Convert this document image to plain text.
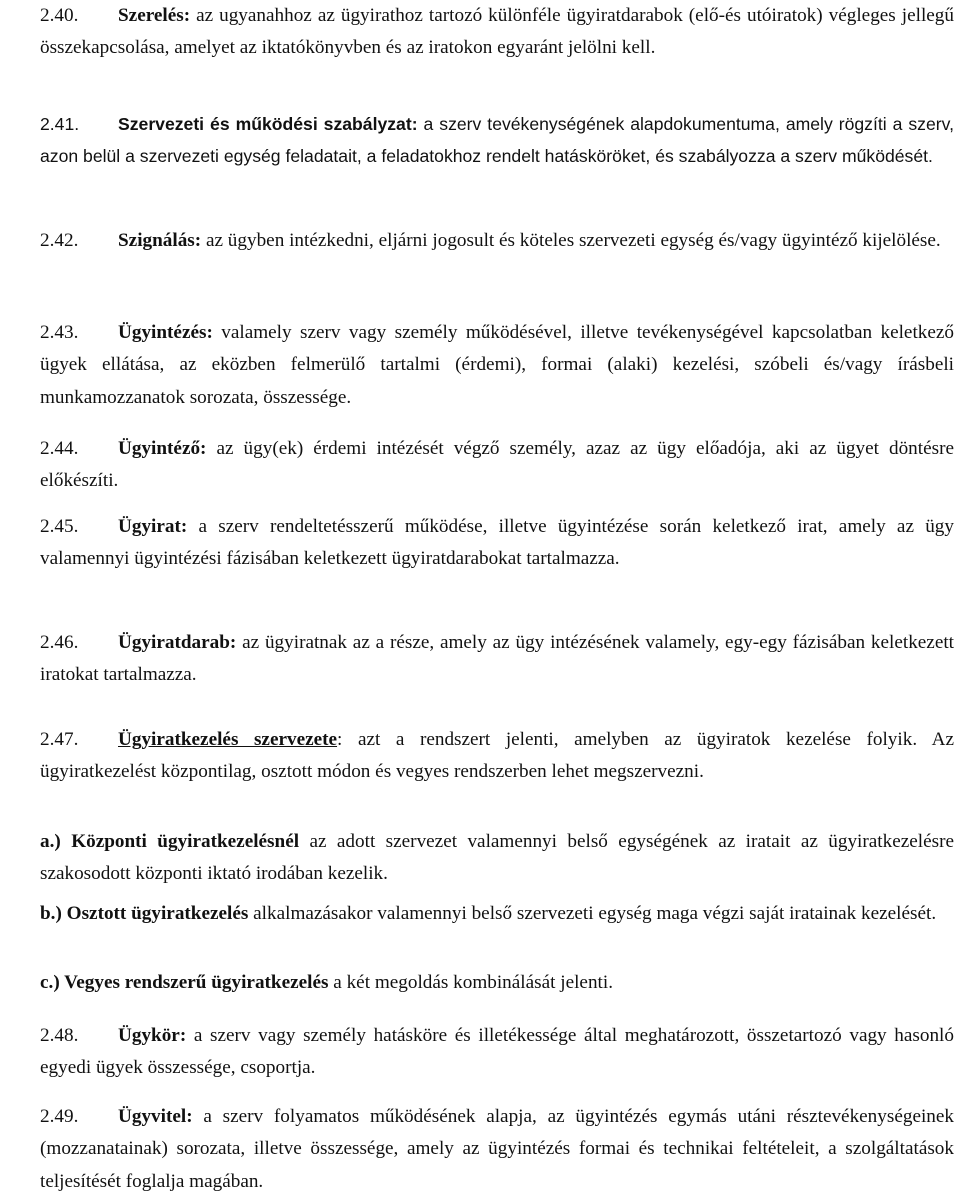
2.40. Szerelés: az ugyanahhoz az ügyirathoz tartozó különféle ügyiratdarabok (elő-és utóiratok) végleges jellegű összekapcsolása, amelyet az iktatókönyvben és az iratokon egyaránt jelölni kell.

2.41. Szervezeti és működési szabályzat: a szerv tevékenységének alapdokumentuma, amely rögzíti a szerv, azon belül a szervezeti egység feladatait, a feladatokhoz rendelt hatásköröket, és szabályozza a szerv működését.

2.42. Szignálás: az ügyben intézkedni, eljárni jogosult és köteles szervezeti egység és/vagy ügyintéző kijelölése.

2.43. Ügyintézés: valamely szerv vagy személy működésével, illetve tevékenységével kapcsolatban keletkező ügyek ellátása, az eközben felmerülő tartalmi (érdemi), formai (alaki) kezelési, szóbeli és/vagy írásbeli munkamozzanatok sorozata, összessége.

2.44. Ügyintéző: az ügy(ek) érdemi intézését végző személy, azaz az ügy előadója, aki az ügyet döntésre előkészíti.

2.45. Ügyirat: a szerv rendeltetésszerű működése, illetve ügyintézése során keletkező irat, amely az ügy valamennyi ügyintézési fázisában keletkezett ügyiratdarabokat tartalmazza.

2.46. Ügyiratdarab: az ügyiratnak az a része, amely az ügy intézésének valamely, egy-egy fázisában keletkezett iratokat tartalmazza.

2.47. Ügyiratkezelés szervezete: azt a rendszert jelenti, amelyben az ügyiratok kezelése folyik. Az ügyiratkezelést központilag, osztott módon és vegyes rendszerben lehet megszervezni.

a.) Központi ügyiratkezelésnél az adott szervezet valamennyi belső egységének az iratait az ügyiratkezelésre szakosodott központi iktató irodában kezelik.

b.) Osztott ügyiratkezelés alkalmazásakor valamennyi belső szervezeti egység maga végzi saját iratainak kezelését.

c.) Vegyes rendszerű ügyiratkezelés a két megoldás kombinálását jelenti.

2.48. Ügykör: a szerv vagy személy hatásköre és illetékessége által meghatározott, összetartozó vagy hasonló egyedi ügyek összessége, csoportja.

2.49. Ügyvitel: a szerv folyamatos működésének alapja, az ügyintézés egymás utáni résztevékenységeinek (mozzanatainak) sorozata, illetve összessége, amely az ügyintézés formai és technikai feltételeit, a szolgáltatások teljesítését foglalja magában.
